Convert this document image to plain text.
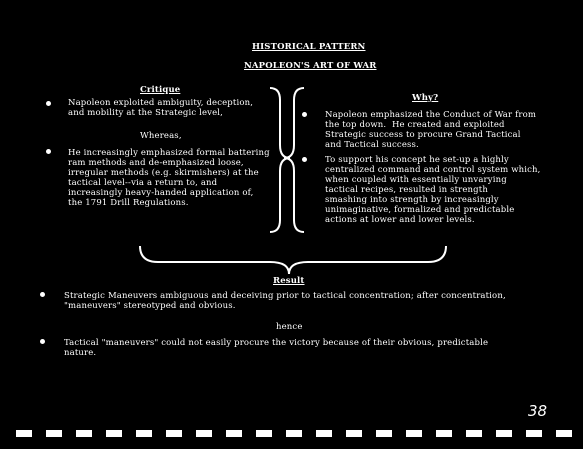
HISTORICAL PATTERN
NAPOLEON'S ART OF WAR
Critique
Napoleon exploited ambiguity, deception,
and mobility at the Strategic level,
Whereas,
He increasingly emphasized formal battering
ram methods and de-emphasized loose,
irregular methods (e.g. skirmishers) at the
tactical level--via a return to, and
increasingly heavy-handed application of,
the 1791 Drill Regulations.
Why?
Napoleon emphasized the Conduct of War from
the top down.  He created and exploited
Strategic success to procure Grand Tactical
and Tactical success.
To support his concept he set-up a highly
centralized command and control system which,
when coupled with essentially unvarying
tactical recipes, resulted in strength
smashing into strength by increasingly
unimaginative, formalized and predictable
actions at lower and lower levels.
Result
Strategic Maneuvers ambiguous and deceiving prior to tactical concentration; after concentration,
"maneuvers" stereotyped and obvious.
hence
Tactical "maneuvers" could not easily procure the victory because of their obvious, predictable
nature.
38
